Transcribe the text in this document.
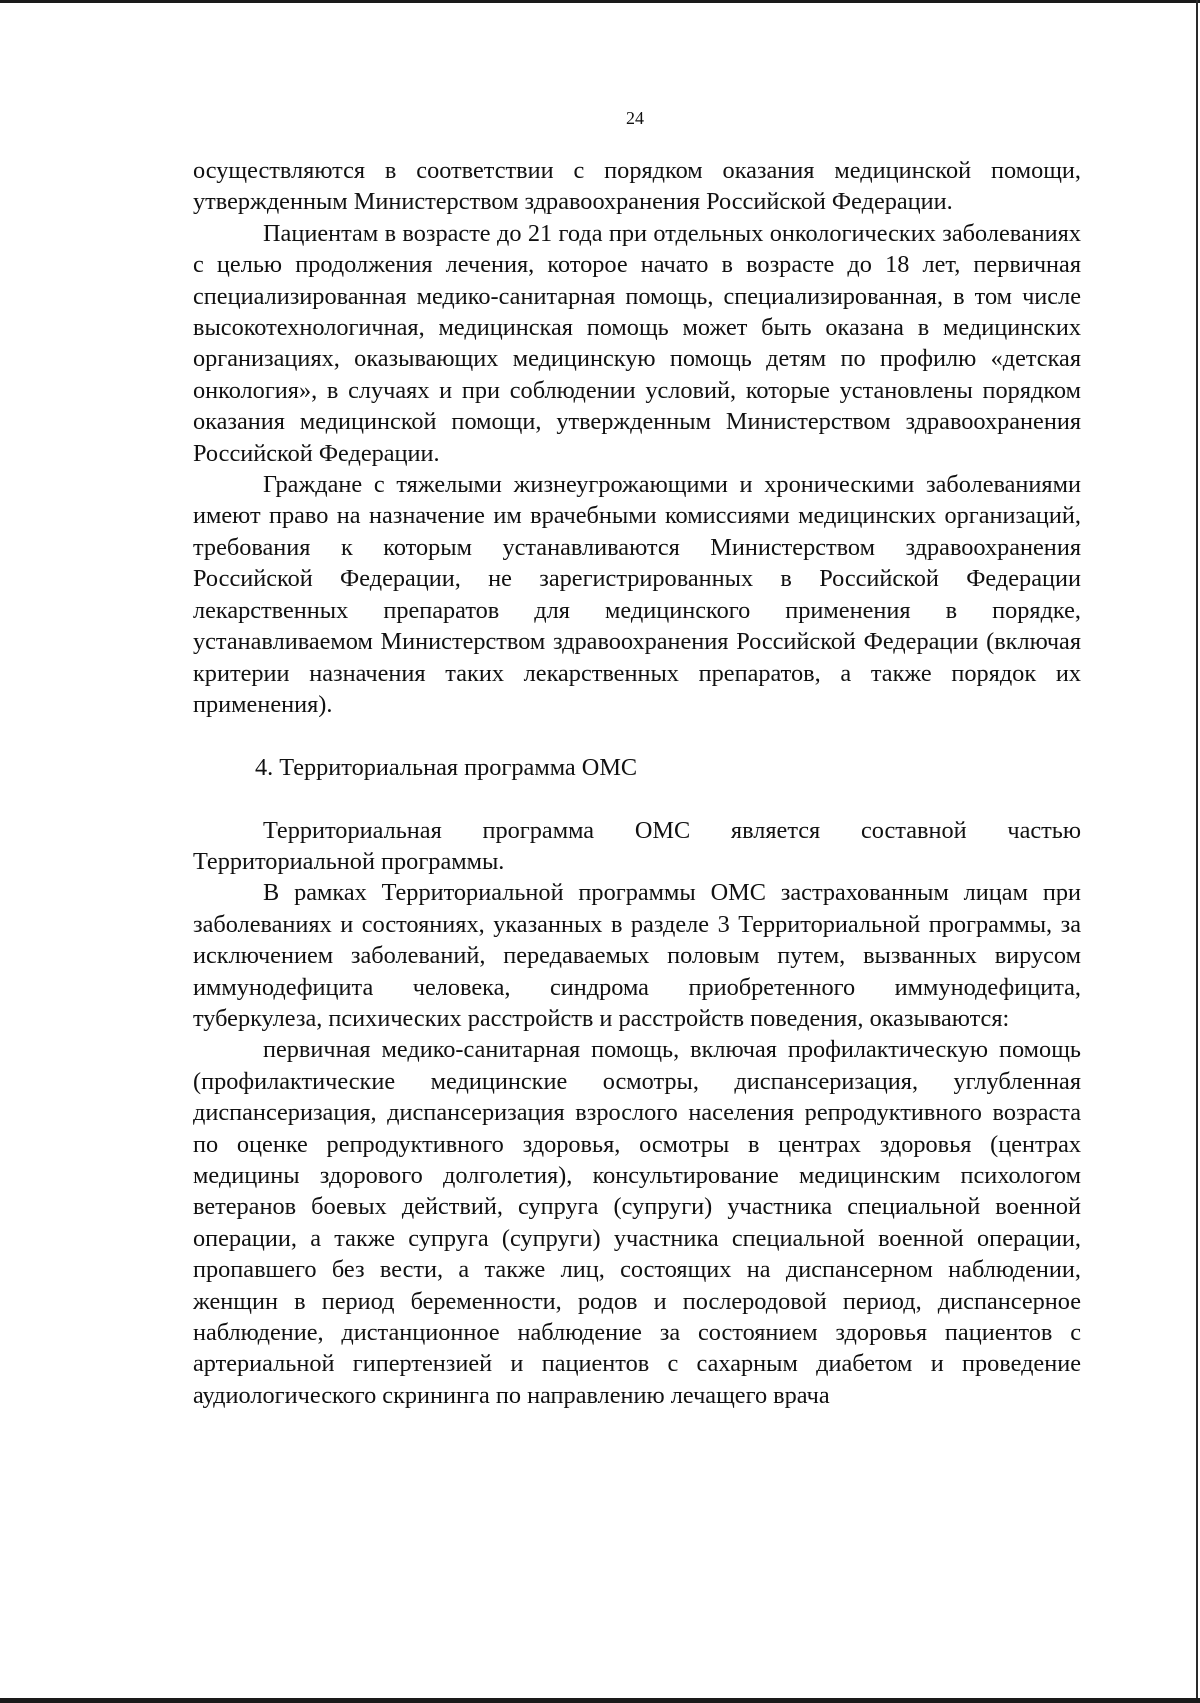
24

осуществляются в соответствии с порядком оказания медицинской помощи, утвержденным Министерством здравоохранения Российской Федерации.

Пациентам в возрасте до 21 года при отдельных онкологических заболеваниях с целью продолжения лечения, которое начато в возрасте до 18 лет, первичная специализированная медико-санитарная помощь, специализированная, в том числе высокотехнологичная, медицинская помощь может быть оказана в медицинских организациях, оказывающих медицинскую помощь детям по профилю «детская онкология», в случаях и при соблюдении условий, которые установлены порядком оказания медицинской помощи, утвержденным Министерством здравоохранения Российской Федерации.

Граждане с тяжелыми жизнеугрожающими и хроническими заболеваниями имеют право на назначение им врачебными комиссиями медицинских организаций, требования к которым устанавливаются Министерством здравоохранения Российской Федерации, не зарегистрированных в Российской Федерации лекарственных препаратов для медицинского применения в порядке, устанавливаемом Министерством здравоохранения Российской Федерации (включая критерии назначения таких лекарственных препаратов, а также порядок их применения).

4. Территориальная программа ОМС

Территориальная программа ОМС является составной частью Территориальной программы.

В рамках Территориальной программы ОМС застрахованным лицам при заболеваниях и состояниях, указанных в разделе 3 Территориальной программы, за исключением заболеваний, передаваемых половым путем, вызванных вирусом иммунодефицита человека, синдрома приобретенного иммунодефицита, туберкулеза, психических расстройств и расстройств поведения, оказываются:

первичная медико-санитарная помощь, включая профилактическую помощь (профилактические медицинские осмотры, диспансеризация, углубленная диспансеризация, диспансеризация взрослого населения репродуктивного возраста по оценке репродуктивного здоровья, осмотры в центрах здоровья (центрах медицины здорового долголетия), консультирование медицинским психологом ветеранов боевых действий, супруга (супруги) участника специальной военной операции, а также супруга (супруги) участника специальной военной операции, пропавшего без вести, а также лиц, состоящих на диспансерном наблюдении, женщин в период беременности, родов и послеродовой период, диспансерное наблюдение, дистанционное наблюдение за состоянием здоровья пациентов с артериальной гипертензией и пациентов с сахарным диабетом и проведение аудиологического скрининга по направлению лечащего врача
